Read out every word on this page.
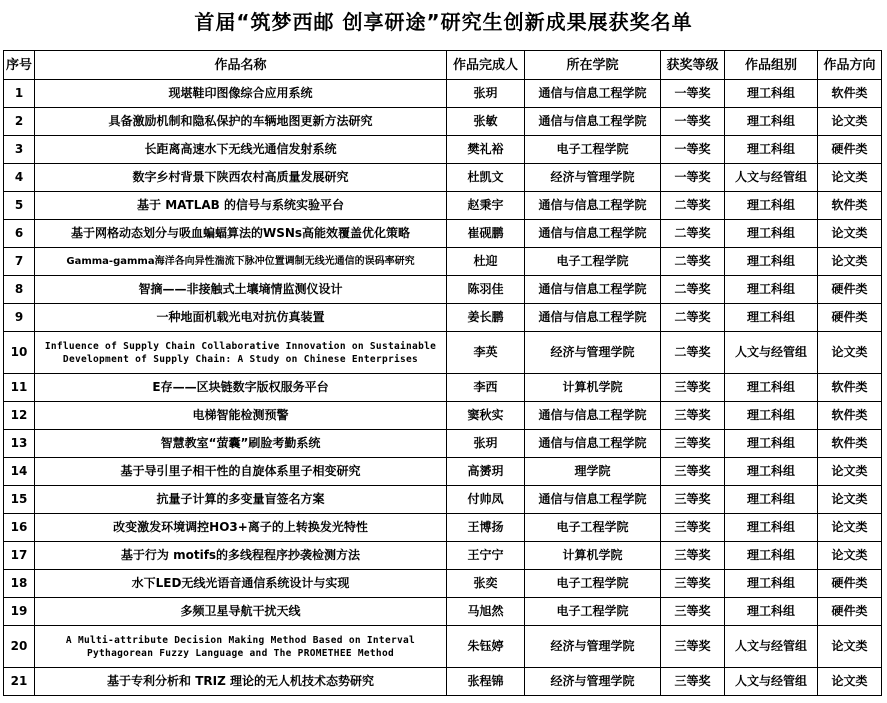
首届“筑梦西邮 创享研途”研究生创新成果展获奖名单
序号	作品名称	作品完成人	所在学院	获奖等级	作品组别	作品方向
1	现堪鞋印图像综合应用系统	张玥	通信与信息工程学院	一等奖	理工科组	软件类
2	具备激励机制和隐私保护的车辆地图更新方法研究	张敏	通信与信息工程学院	一等奖	理工科组	论文类
3	长距离高速水下无线光通信发射系统	樊礼裕	电子工程学院	一等奖	理工科组	硬件类
4	数字乡村背景下陕西农村高质量发展研究	杜凯文	经济与管理学院	一等奖	人文与经管组	论文类
5	基于 MATLAB 的信号与系统实验平台	赵秉宇	通信与信息工程学院	二等奖	理工科组	软件类
6	基于网格动态划分与吸血蝙蝠算法的WSNs高能效覆盖优化策略	崔砚鹏	通信与信息工程学院	二等奖	理工科组	论文类
7	Gamma-gamma海洋各向异性湍流下脉冲位置调制无线光通信的误码率研究	杜迎	电子工程学院	二等奖	理工科组	论文类
8	智摘——非接触式土壤墒情监测仪设计	陈羽佳	通信与信息工程学院	二等奖	理工科组	硬件类
9	一种地面机载光电对抗仿真装置	姜长鹏	通信与信息工程学院	二等奖	理工科组	硬件类
10	Influence of Supply Chain Collaborative Innovation on Sustainable Development of Supply Chain: A Study on Chinese Enterprises	李英	经济与管理学院	二等奖	人文与经管组	论文类
11	E存——区块链数字版权服务平台	李西	计算机学院	三等奖	理工科组	软件类
12	电梯智能检测预警	窦秋实	通信与信息工程学院	三等奖	理工科组	软件类
13	智慧教室“萤囊”刷脸考勤系统	张玥	通信与信息工程学院	三等奖	理工科组	软件类
14	基于导引里子相干性的自旋体系里子相变研究	高赟玥	理学院	三等奖	理工科组	论文类
15	抗量子计算的多变量盲签名方案	付帅凤	通信与信息工程学院	三等奖	理工科组	论文类
16	改变激发环境调控HO3+离子的上转换发光特性	王博扬	电子工程学院	三等奖	理工科组	论文类
17	基于行为 motifs的多线程程序抄袭检测方法	王宁宁	计算机学院	三等奖	理工科组	论文类
18	水下LED无线光语音通信系统设计与实现	张奕	电子工程学院	三等奖	理工科组	硬件类
19	多频卫星导航干扰天线	马旭然	电子工程学院	三等奖	理工科组	硬件类
20	A Multi-attribute Decision Making Method Based on Interval Pythagorean Fuzzy Language and The PROMETHEE Method	朱钰婷	经济与管理学院	三等奖	人文与经管组	论文类
21	基于专利分析和 TRIZ 理论的无人机技术态势研究	张程锦	经济与管理学院	三等奖	人文与经管组	论文类
